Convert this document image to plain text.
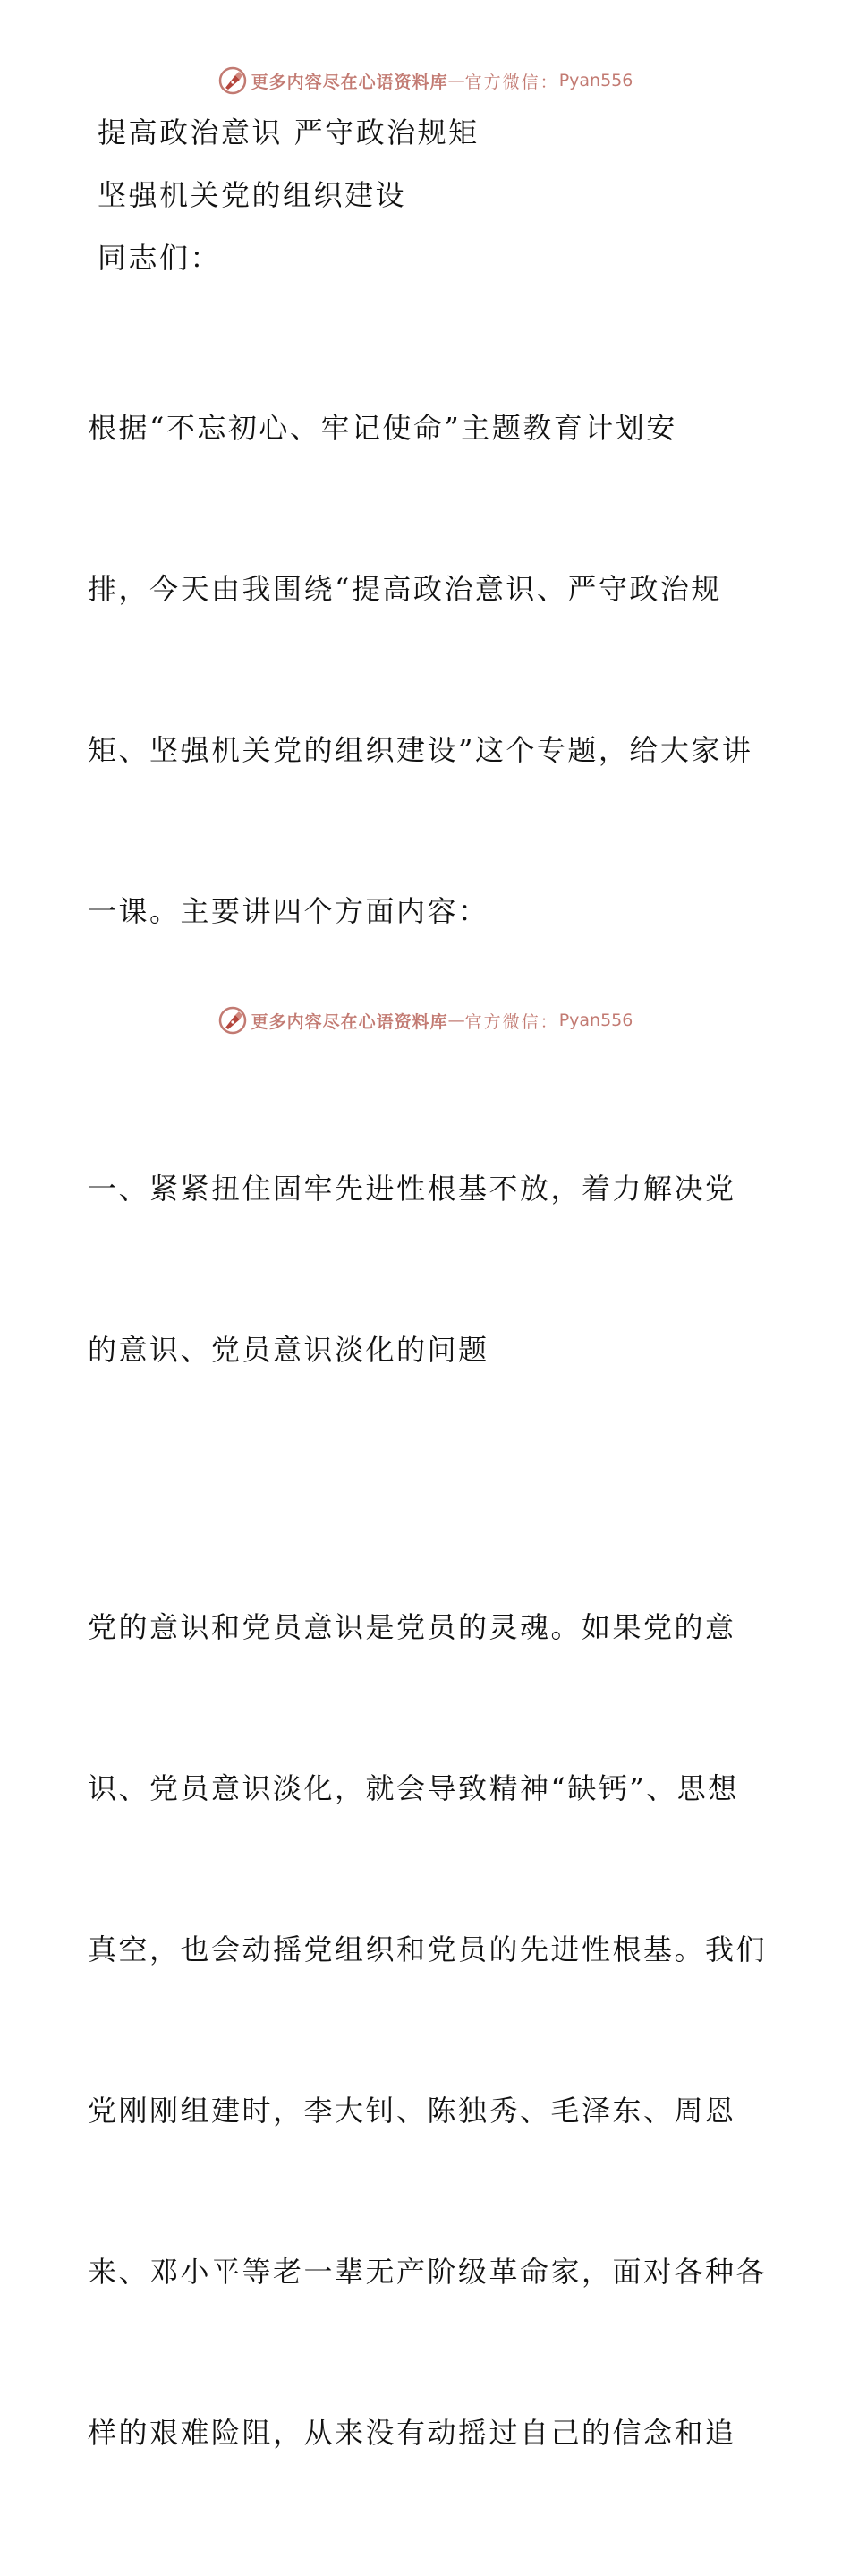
更多内容尽在心语资料库 — 官方微信： Pyan556

提高政治意识 严守政治规矩

坚强机关党的组织建设

同志们：

根据“不忘初心、牢记使命”主题教育计划安

排，今天由我围绕“提高政治意识、严守政治规

矩、坚强机关党的组织建设”这个专题，给大家讲

一课。主要讲四个方面内容：

一、紧紧扭住固牢先进性根基不放，着力解决党

的意识、党员意识淡化的问题

党的意识和党员意识是党员的灵魂。如果党的意

识、党员意识淡化，就会导致精神“缺钙”、思想

真空，也会动摇党组织和党员的先进性根基。我们

党刚刚组建时，李大钊、陈独秀、毛泽东、周恩

来、邓小平等老一辈无产阶级革命家，面对各种各

样的艰难险阻，从来没有动摇过自己的信念和追

更多内容尽在心语资料库 — 官方微信： Pyan556
